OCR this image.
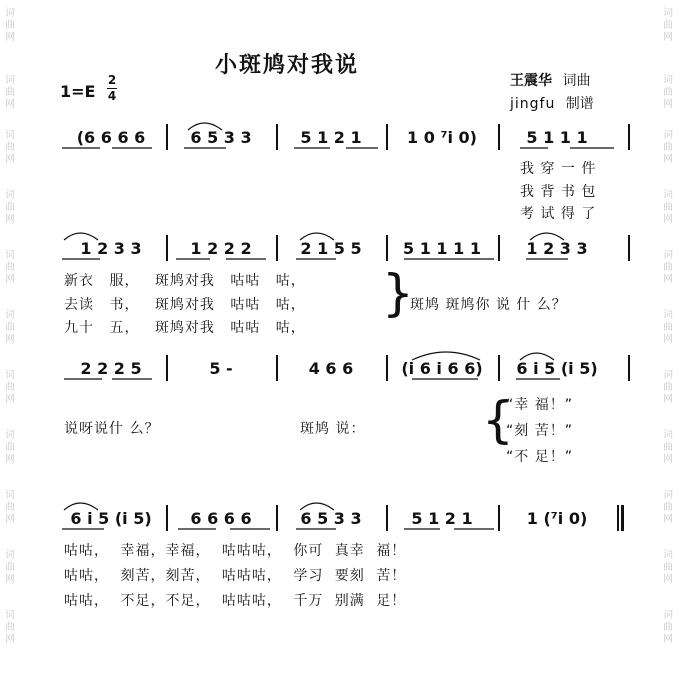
词曲网
词曲网
词曲网
词曲网
词曲网
词曲网
词曲网
词曲网
词曲网
词曲网
词曲网
词曲网
词曲网
词曲网
词曲网
词曲网
词曲网
词曲网
词曲网
词曲网
词曲网
词曲网
小斑鸠对我说
1=E
2
4
王震华 词曲
jingfu 制谱
(6 6 6 6	6 5 3 3	5 1 2 1	1 0 ⁷i 0)	5 1 1 1
我 穿 一 件
我 背 书 包
考 试 得 了
1 2 3 3	1 2 2 2	2 1 5 5	5 1 1 1 1	1 2 3 3
新衣 服， 斑鸠对我 咕咕 咕，
去读 书， 斑鸠对我 咕咕 咕，
九十 五， 斑鸠对我 咕咕 咕，
}
斑鸠 斑鸠你 说 什 么？
2 2 2 5	5 -	4 6 6	(i 6 i 6 6) 6 i 5 (i 5)
说呀说什 么？	斑鸠 说： {
“幸 福！”
“刻 苦！”
“不 足！”
6 i 5 (i 5) 6 6 6 6	6 5 3 3	5 1 2 1	1 (⁷i 0)
咕咕， 幸福，幸福， 咕咕咕， 你可 真幸 福！
咕咕， 刻苦，刻苦， 咕咕咕， 学习 要刻 苦！
咕咕， 不足，不足， 咕咕咕， 千万 别满 足！
